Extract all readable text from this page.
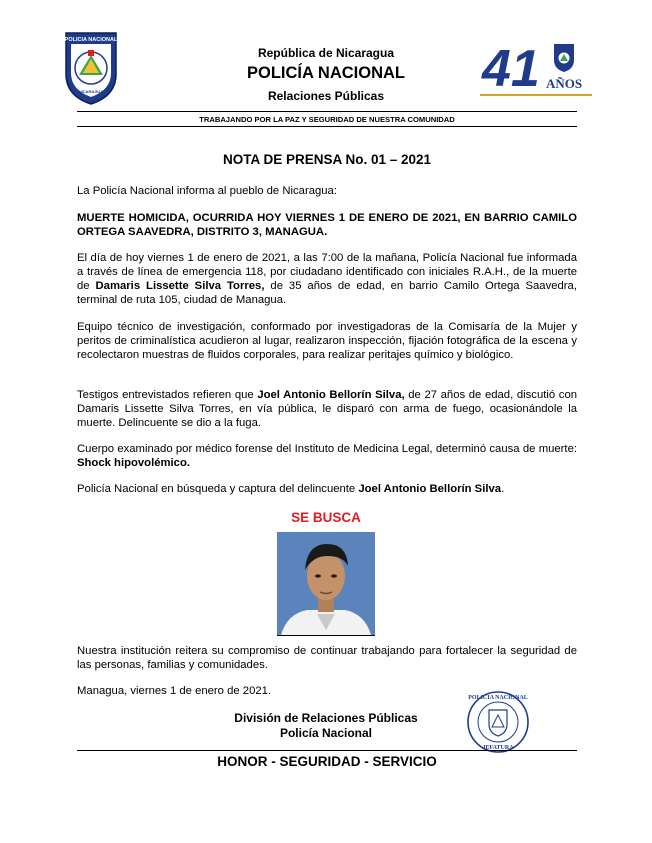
POLICIA NACIONAL
NICARAGUA
República de Nicaragua
POLICÍA NACIONAL
Relaciones Públicas	41 AÑOS
TRABAJANDO POR LA PAZ Y SEGURIDAD DE NUESTRA COMUNIDAD
NOTA DE PRENSA No. 01 – 2021

La Policía Nacional informa al pueblo de Nicaragua:

MUERTE HOMICIDA, OCURRIDA HOY VIERNES 1 DE ENERO DE 2021, EN BARRIO CAMILO ORTEGA SAAVEDRA, DISTRITO 3, MANAGUA.

El día de hoy viernes 1 de enero de 2021, a las 7:00 de la mañana, Policía Nacional fue informada a través de línea de emergencia 118, por ciudadano identificado con iniciales R.A.H., de la muerte de Damaris Lissette Silva Torres, de 35 años de edad, en barrio Camilo Ortega Saavedra, terminal de ruta 105, ciudad de Managua.

Equipo técnico de investigación, conformado por investigadoras de la Comisaría de la Mujer y peritos de criminalística acudieron al lugar, realizaron inspección, fijación fotográfica de la escena y recolectaron muestras de fluidos corporales, para realizar peritajes químico y biológico.

Testigos entrevistados refieren que Joel Antonio Bellorín Silva, de 27 años de edad, discutió con Damaris Lissette Silva Torres, en vía pública, le disparó con arma de fuego, ocasionándole la muerte. Delincuente se dio a la fuga.

Cuerpo examinado por médico forense del Instituto de Medicina Legal, determinó causa de muerte: Shock hipovolémico.

Policía Nacional en búsqueda y captura del delincuente Joel Antonio Bellorín Silva.

SE BUSCA

Nuestra institución reitera su compromiso de continuar trabajando para fortalecer la seguridad de las personas, familias y comunidades.

Managua, viernes 1 de enero de 2021.

División de Relaciones Públicas
Policía Nacional
POLICIA NACIONAL
JEFATURA
HONOR - SEGURIDAD - SERVICIO
